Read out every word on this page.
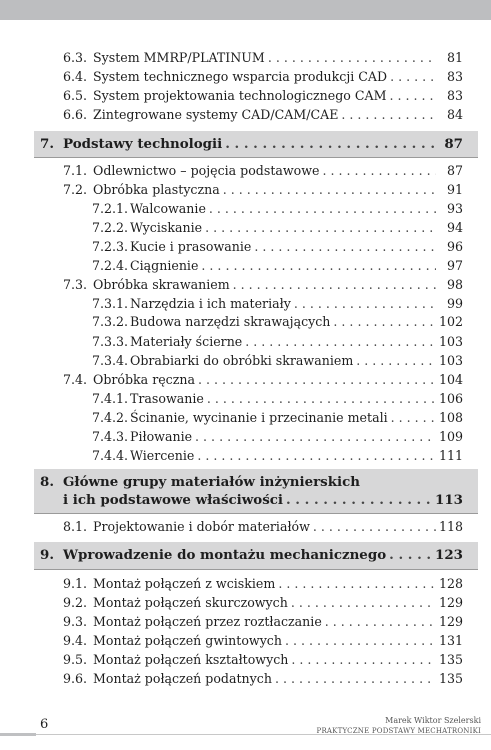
6.3. System MMRP/PLATINUM . . .	81
6.4. System technicznego wsparcia produkcji CAD . . .	83
6.5. System projektowania technologicznego CAM . . .	83
6.6. Zintegrowane systemy CAD/CAM/CAE . . .	84
7. Podstawy technologii . . .	87
7.1. Odlewnictwo – pojęcia podstawowe . . .	87
7.2. Obróbka plastyczna . . .	91
7.2.1. Walcowanie . . .	93
7.2.2. Wyciskanie . . .	94
7.2.3. Kucie i prasowanie . . .	96
7.2.4. Ciągnienie . . .	97
7.3. Obróbka skrawaniem . . .	98
7.3.1. Narzędzia i ich materiały . . .	99
7.3.2. Budowa narzędzi skrawających . . .	102
7.3.3. Materiały ścierne . . .	103
7.3.4. Obrabiarki do obróbki skrawaniem . . .	103
7.4. Obróbka ręczna . . .	104
7.4.1. Trasowanie . . .	106
7.4.2. Ścinanie, wycinanie i przecinanie metali . . .	108
7.4.3. Piłowanie . . .	109
7.4.4. Wiercenie . . .	111
8. Główne grupy materiałów inżynierskich
i ich podstawowe właściwości . . .	113
8.1. Projektowanie i dobór materiałów . . .	118
9. Wprowadzenie do montażu mechanicznego . . .	123
9.1. Montaż połączeń z wciskiem . . .	128
9.2. Montaż połączeń skurczowych . . .	129
9.3. Montaż połączeń przez roztłaczanie . . .	129
9.4. Montaż połączeń gwintowych . . .	131
9.5. Montaż połączeń kształtowych . . .	135
9.6. Montaż połączeń podatnych . . .	135
6	Marek Wiktor Szelerski
PRAKTYCZNE PODSTAWY MECHATRONIKI
